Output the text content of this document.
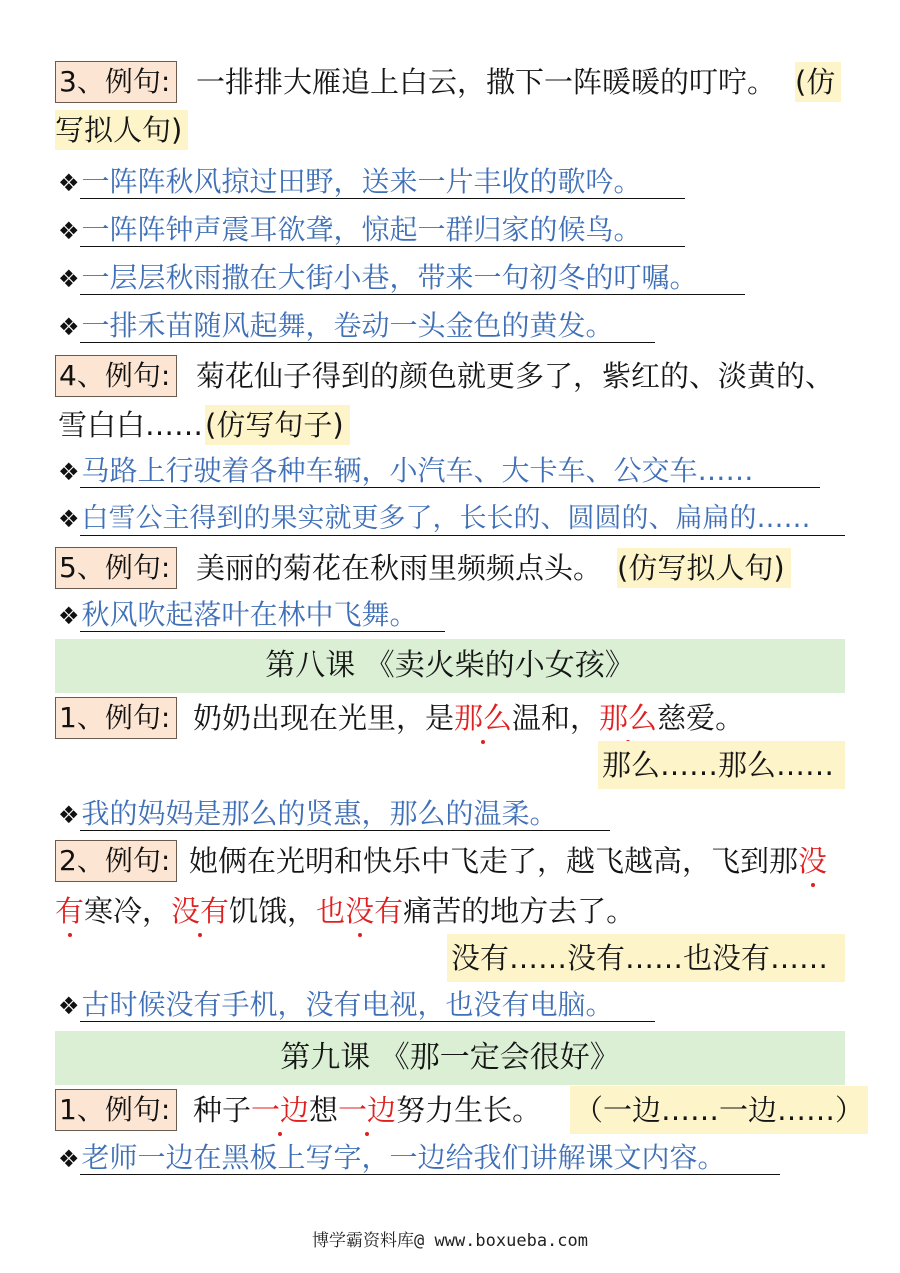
3、例句: 一排排大雁追上白云，撒下一阵暖暖的叮咛。 (仿
写拟人句)
❖一阵阵秋风掠过田野，送来一片丰收的歌吟。
❖一阵阵钟声震耳欲聋，惊起一群归家的候鸟。
❖一层层秋雨撒在大街小巷，带来一句初冬的叮嘱。
❖一排禾苗随风起舞，卷动一头金色的黄发。
4、例句: 菊花仙子得到的颜色就更多了，紫红的、淡黄的、
雪白白…… (仿写句子)
❖马路上行驶着各种车辆，小汽车、大卡车、公交车……
❖白雪公主得到的果实就更多了，长长的、圆圆的、扁扁的……
5、例句: 美丽的菊花在秋雨里频频点头。 (仿写拟人句)
❖秋风吹起落叶在林中飞舞。
第八课 《卖火柴的小女孩》
1、例句: 奶奶出现在光里，是那么温和，那么慈爱。
那么……那么……
❖我的妈妈是那么的贤惠，那么的温柔。
2、例句: 她俩在光明和快乐中飞走了，越飞越高，飞到那没
有寒冷，没有饥饿，也没有痛苦的地方去了。
没有……没有……也没有……
❖古时候没有手机，没有电视，也没有电脑。
第九课 《那一定会很好》
1、例句: 种子一边想一边努力生长。 （一边……一边……）
❖老师一边在黑板上写字，一边给我们讲解课文内容。
博学霸资料库@ www.boxueba.com
